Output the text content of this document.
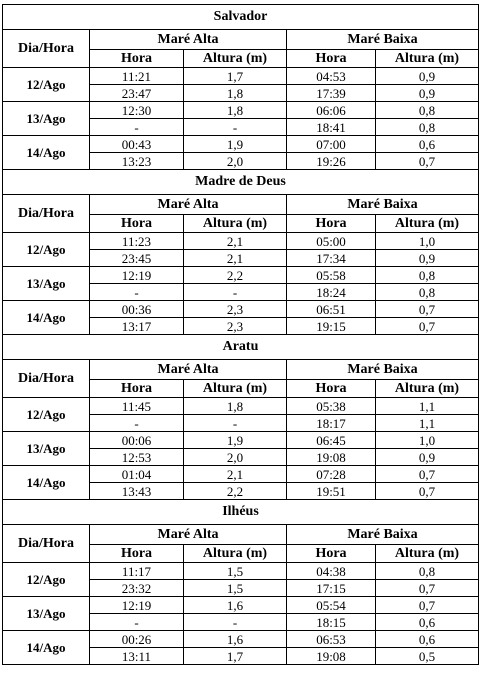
Salvador				
Dia/Hora	Maré Alta		Maré Baixa	
	Hora	Altura (m)	Hora	Altura (m)
12/Ago	11:21	1,7	04:53	0,9
	23:47	1,8	17:39	0,9
13/Ago	12:30	1,8	06:06	0,8
	-	-	18:41	0,8
14/Ago	00:43	1,9	07:00	0,6
	13:23	2,0	19:26	0,7
Madre de Deus				
Dia/Hora	Maré Alta		Maré Baixa	
	Hora	Altura (m)	Hora	Altura (m)
12/Ago	11:23	2,1	05:00	1,0
	23:45	2,1	17:34	0,9
13/Ago	12:19	2,2	05:58	0,8
	-	-	18:24	0,8
14/Ago	00:36	2,3	06:51	0,7
	13:17	2,3	19:15	0,7
Aratu				
Dia/Hora	Maré Alta		Maré Baixa	
	Hora	Altura (m)	Hora	Altura (m)
12/Ago	11:45	1,8	05:38	1,1
	-	-	18:17	1,1
13/Ago	00:06	1,9	06:45	1,0
	12:53	2,0	19:08	0,9
14/Ago	01:04	2,1	07:28	0,7
	13:43	2,2	19:51	0,7
Ilhéus				
Dia/Hora	Maré Alta		Maré Baixa	
	Hora	Altura (m)	Hora	Altura (m)
12/Ago	11:17	1,5	04:38	0,8
	23:32	1,5	17:15	0,7
13/Ago	12:19	1,6	05:54	0,7
	-	-	18:15	0,6
14/Ago	00:26	1,6	06:53	0,6
	13:11	1,7	19:08	0,5
